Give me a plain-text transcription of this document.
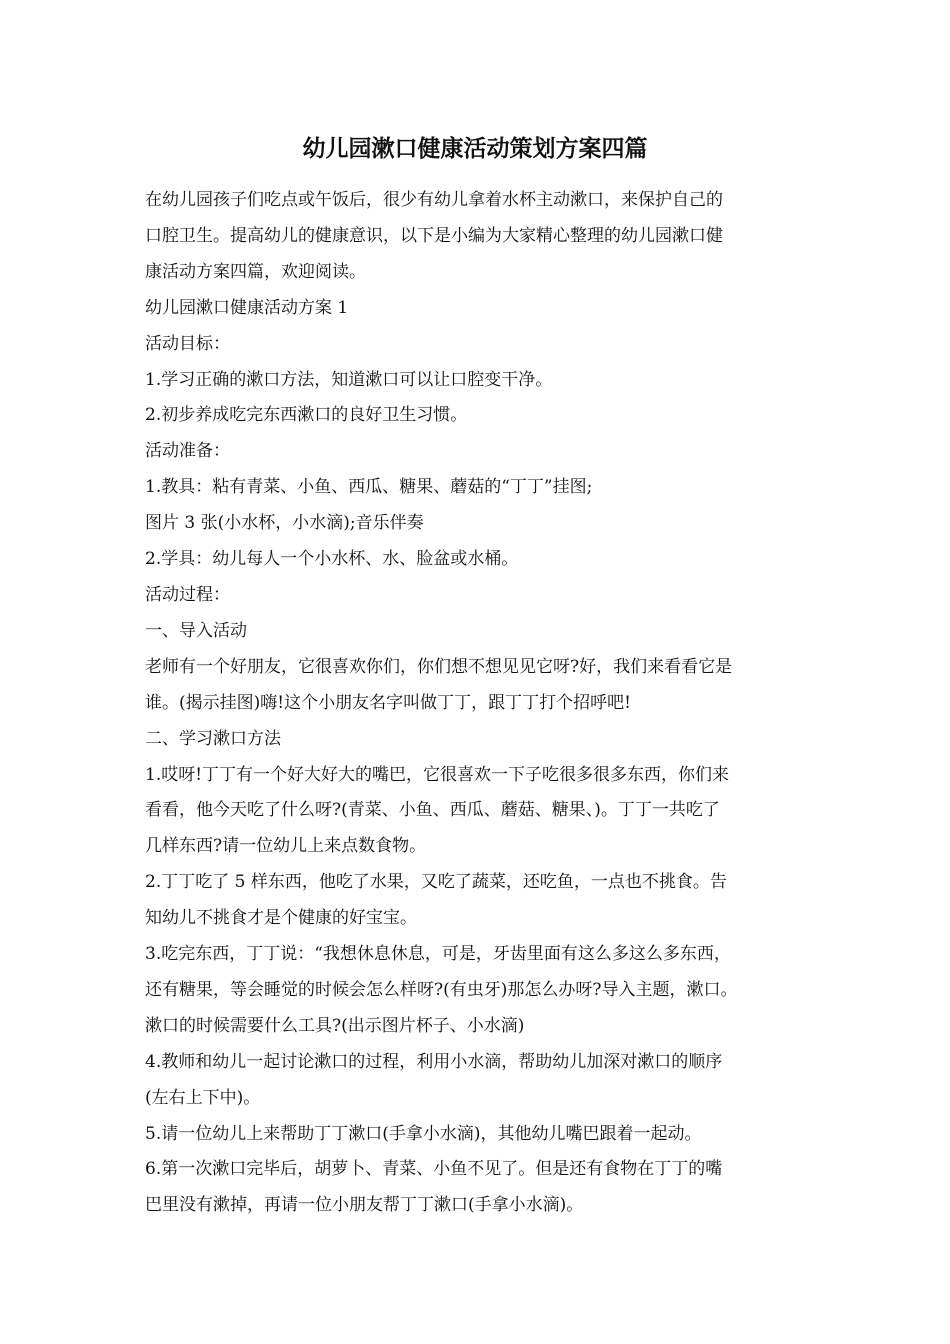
幼儿园漱口健康活动策划方案四篇

在幼儿园孩子们吃点或午饭后，很少有幼儿拿着水杯主动漱口，来保护自己的
口腔卫生。提高幼儿的健康意识，以下是小编为大家精心整理的幼儿园漱口健
康活动方案四篇，欢迎阅读。

幼儿园漱口健康活动方案 1

活动目标：

1.学习正确的漱口方法，知道漱口可以让口腔变干净。

2.初步养成吃完东西漱口的良好卫生习惯。

活动准备：

1.教具：粘有青菜、小鱼、西瓜、糖果、蘑菇的“丁丁”挂图;

图片 3 张(小水杯，小水滴);音乐伴奏

2.学具：幼儿每人一个小水杯、水、脸盆或水桶。

活动过程：

一、导入活动

老师有一个好朋友，它很喜欢你们，你们想不想见见它呀?好，我们来看看它是
谁。(揭示挂图)嗨!这个小朋友名字叫做丁丁，跟丁丁打个招呼吧!

二、学习漱口方法

1.哎呀!丁丁有一个好大好大的嘴巴，它很喜欢一下子吃很多很多东西，你们来
看看，他今天吃了什么呀?(青菜、小鱼、西瓜、蘑菇、糖果、)。丁丁一共吃了
几样东西?请一位幼儿上来点数食物。

2.丁丁吃了 5 样东西，他吃了水果，又吃了蔬菜，还吃鱼，一点也不挑食。告
知幼儿不挑食才是个健康的好宝宝。

3.吃完东西，丁丁说：“我想休息休息，可是，牙齿里面有这么多这么多东西，
还有糖果，等会睡觉的时候会怎么样呀?(有虫牙)那怎么办呀?导入主题，漱口。
漱口的时候需要什么工具?(出示图片杯子、小水滴)

4.教师和幼儿一起讨论漱口的过程，利用小水滴，帮助幼儿加深对漱口的顺序
(左右上下中)。

5.请一位幼儿上来帮助丁丁漱口(手拿小水滴)，其他幼儿嘴巴跟着一起动。

6.第一次漱口完毕后，胡萝卜、青菜、小鱼不见了。但是还有食物在丁丁的嘴
巴里没有漱掉，再请一位小朋友帮丁丁漱口(手拿小水滴)。
